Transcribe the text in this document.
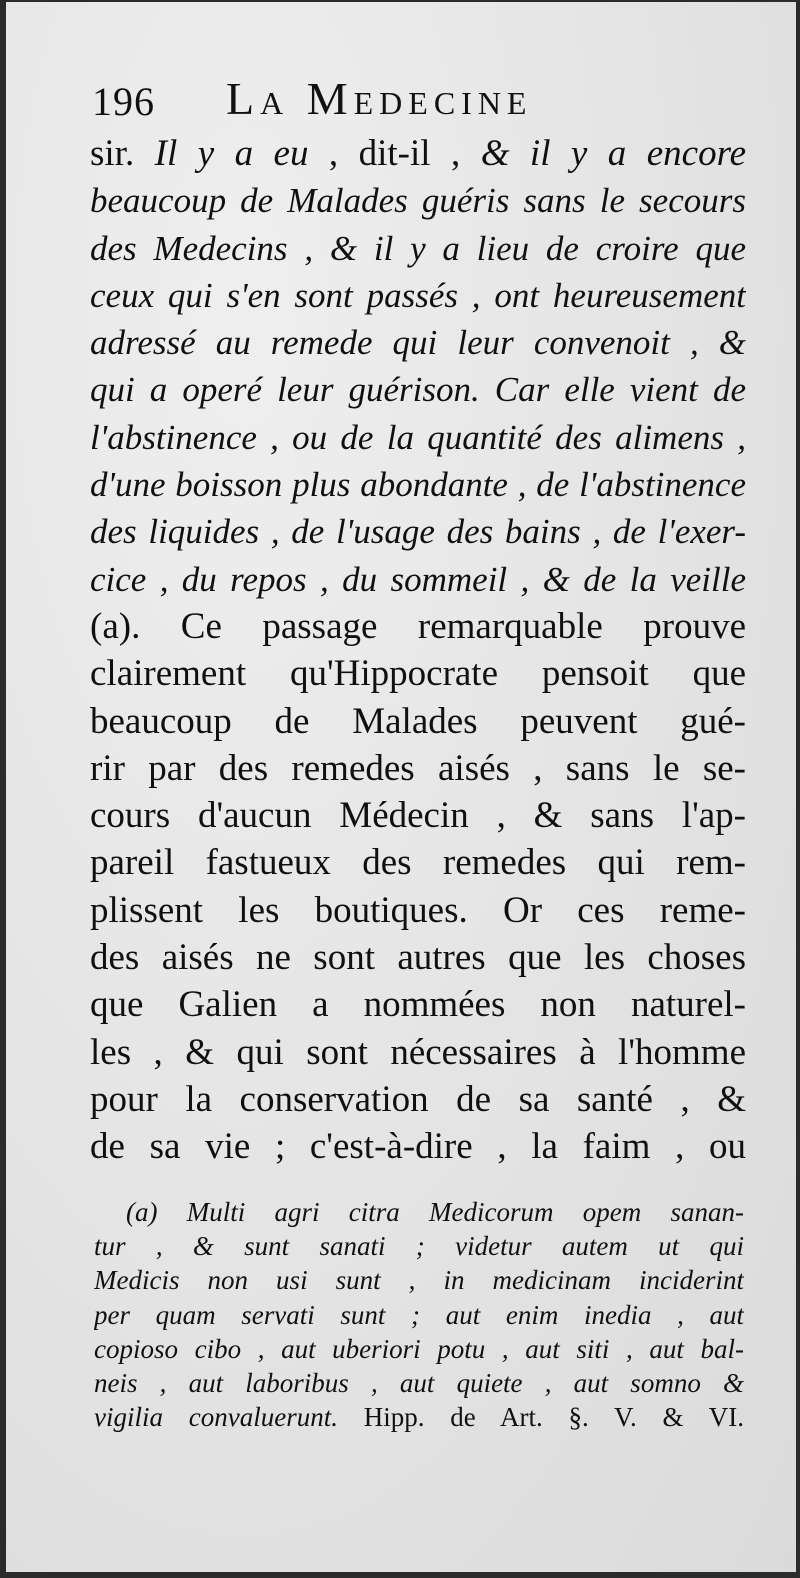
196 La Medecine
sir. Il y a eu , dit-il , & il y a encore
beaucoup de Malades guéris sans le secours
des Medecins , & il y a lieu de croire que
ceux qui s'en sont passés , ont heureusement
adressé au remede qui leur convenoit , &
qui a operé leur guérison. Car elle vient de
l'abstinence , ou de la quantité des alimens ,
d'une boisson plus abondante , de l'abstinence
des liquides , de l'usage des bains , de l'exer-
cice , du repos , du sommeil , & de la veille
(a). Ce passage remarquable prouve
clairement qu'Hippocrate pensoit que
beaucoup de Malades peuvent gué-
rir par des remedes aisés , sans le se-
cours d'aucun Médecin , & sans l'ap-
pareil fastueux des remedes qui rem-
plissent les boutiques. Or ces reme-
des aisés ne sont autres que les choses
que Galien a nommées non naturel-
les , & qui sont nécessaires à l'homme
pour la conservation de sa santé , &
de sa vie ; c'est-à-dire , la faim , ou
(a) Multi agri citra Medicorum opem sanan-
tur , & sunt sanati ; videtur autem ut qui
Medicis non usi sunt , in medicinam inciderint
per quam servati sunt ; aut enim inedia , aut
copioso cibo , aut uberiori potu , aut siti , aut bal-
neis , aut laboribus , aut quiete , aut somno &
vigilia convaluerunt. Hipp. de Art. §. V. & VI.
